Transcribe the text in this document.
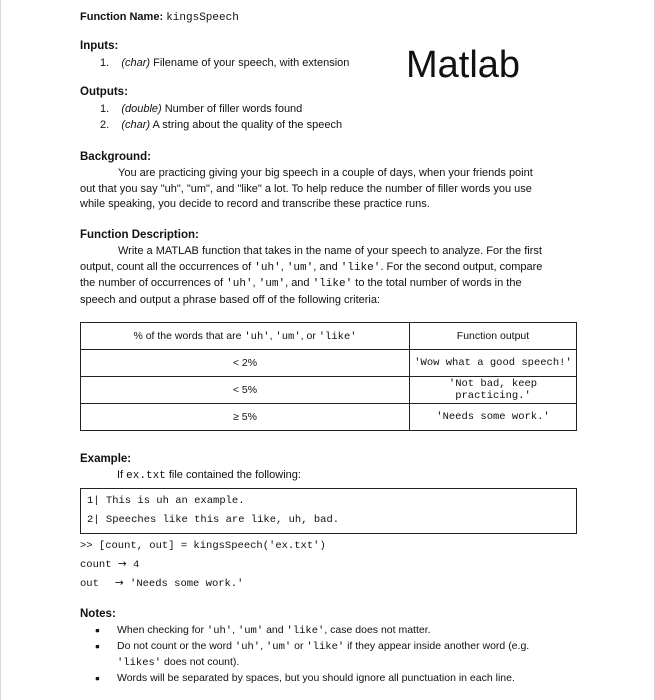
Function Name: kingsSpeech
Matlab
Inputs:
1. (char) Filename of your speech, with extension
Outputs:
1. (double) Number of filler words found
2. (char) A string about the quality of the speech
Background:
You are practicing giving your big speech in a couple of days, when your friends point
out that you say "uh", "um", and "like" a lot. To help reduce the number of filler words you use
while speaking, you decide to record and transcribe these practice runs.
Function Description:
Write a MATLAB function that takes in the name of your speech to analyze. For the first
output, count all the occurrences of 'uh', 'um', and 'like'. For the second output, compare
the number of occurrences of 'uh', 'um', and 'like' to the total number of words in the
speech and output a phrase based off of the following criteria:
% of the words that are 'uh', 'um', or 'like'	Function output
< 2%	'Wow what a good speech!'
< 5%	'Not bad, keep practicing.'
≥ 5%	'Needs some work.'
Example:
If ex.txt file contained the following:
1| This is uh an example.
2| Speeches like this are like, uh, bad.
>> [count, out] = kingsSpeech('ex.txt')
count → 4
out → 'Needs some work.'
Notes:
• When checking for 'uh', 'um' and 'like', case does not matter.
• Do not count or the word 'uh', 'um' or 'like' if they appear inside another word (e.g.
'likes' does not count).
• Words will be separated by spaces, but you should ignore all punctuation in each line.
